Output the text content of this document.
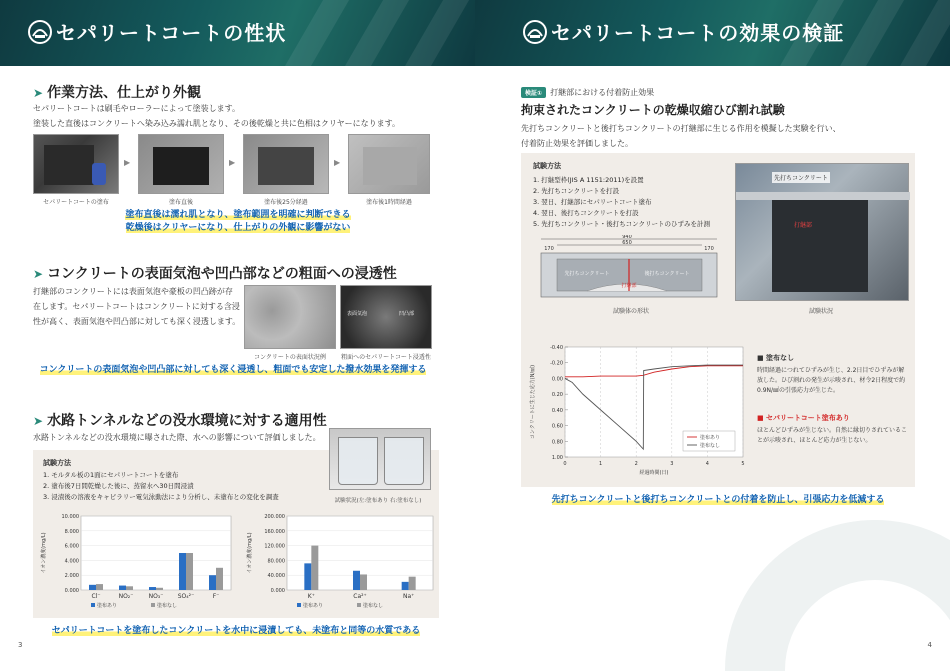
セパリートコートの性状
➤ 作業方法、仕上がり外観
セパリートコートは刷毛やローラーによって塗装します。
塗装した直後はコンクリートへ染み込み濡れ肌となり、その後乾燥と共に色相はクリヤーになります。
▶	▶	▶
セパリートコートの塗布	塗布直後	塗布後25分経過	塗布後1時間経過
塗布直後は濡れ肌となり、塗布範囲を明確に判断できる
乾燥後はクリヤーになり、仕上がりの外観に影響がない
➤ コンクリートの表面気泡や凹凸部などの粗面への浸透性
打継部のコンクリートには表面気泡や豪板の凹凸跡が存
在します。セパリートコートはコンクリートに対する含浸
性が高く、表面気泡や凹凸部に対しても深く浸透します。
表面気泡	凹凸部
コンクリートの表面状況例	粗面へのセパリートコート浸透性
コンクリートの表面気泡や凹凸部に対しても深く浸透し、粗面でも安定した撥水効果を発揮する
➤ 水路トンネルなどの没水環境に対する適用性
水路トンネルなどの没水環境に曝された際、水への影響について評価しました。
試験方法
1. モルタル板の1面にセパリートコートを塗布
2. 塗布後7日間乾燥した後に、蒸留水へ30日間浸漬
3. 浸漬後の溶液をキャピラリー電気泳動法により分析し、未塗布との変化を調査	試験状況(左:塗布あり 右:塗布なし)
0.000
2.000
4.000
6.000
8.000
10.000
イオン濃度(mg/L)
Cl⁻	NO₂⁻	NO₃⁻ SO₄²⁻	F⁻
塗布あり	塗布なし
0.000
40.000
80.000
120.000
160.000
200.000
イオン濃度(mg/L)
K⁺	Ca²⁺	Na⁺
塗布あり	塗布なし
セパリートコートを塗布したコンクリートを水中に浸漬しても、未塗布と同等の水質である
3
セパリートコートの効果の検証
検証① 打継部における付着防止効果
拘束されたコンクリートの乾燥収縮ひび割れ試験
先打ちコンクリートと後打ちコンクリートの打継部に生じる作用を模擬した実験を行い、
付着防止効果を評価しました。
試験方法
1. 打継型枠(JIS A 1151:2011)を設置
2. 先打ちコンクリートを打設
3. 翌日、打継部にセパリートコート塗布
4. 翌日、後打ちコンクリートを打設
5. 先打ちコンクリート・後打ちコンクリートのひずみを計測
940
650
170	170
先打ちコンクリート	後打ちコンクリート
打継部
試験体の形状
先打ちコンクリート
打継部
試験状況
-0.40
-0.20
0.00
0.20
0.40
0.60
0.80
1.00
0	1	2	3	4	5
経過時間(日)
コンクリートに生じた応力(N/㎟)	塗布あり
塗布なし
■ 塗布なし
時間経過につれてひずみが生じ、2.2日目でひずみが解放した。ひび割れの発生が示唆され、材令2日程度で約0.9N/㎟の引張応力が生じた。
■ セパリートコート塗布あり
ほとんどひずみが生じない。自然に縁切りされていることが示唆され、ほとんど応力が生じない。
先打ちコンクリートと後打ちコンクリートとの付着を防止し、引張応力を低減する
4
